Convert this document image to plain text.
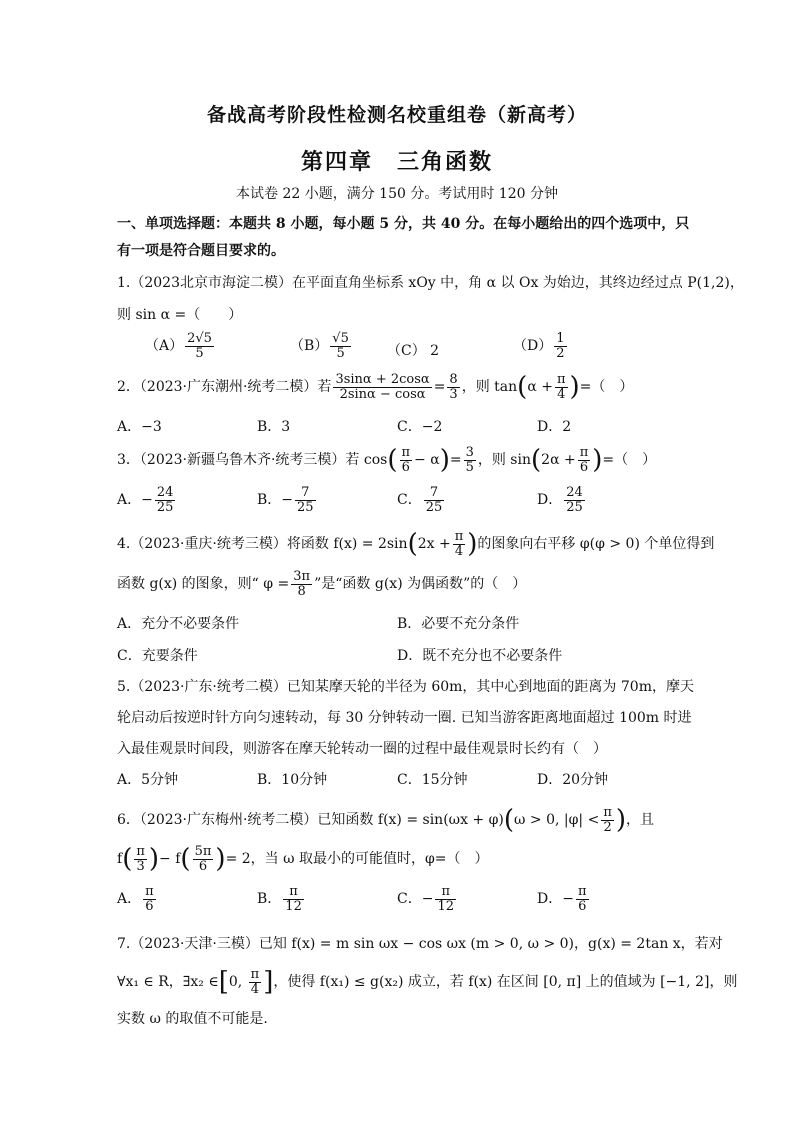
备战高考阶段性检测名校重组卷（新高考）
第四章　三角函数
本试卷 22 小题，满分 150 分。考试用时 120 分钟
一、单项选择题：本题共 8 小题，每小题 5 分，共 40 分。在每小题给出的四个选项中，只
有一项是符合题目要求的。
1.（2023北京市海淀二模）在平面直角坐标系 xOy 中，角 α 以 Ox 为始边，其终边经过点 P(1,2)，
则 sin α =（　　）
$(A) \frac{2√5}{5}$	$(B) \frac{√5}{5}$	（C） 2	$(D) \frac{1}{2}$
2．（2023·广东潮州·统考二模）若 $\frac{3\sin\alpha + 2\cos\alpha}{2\sin\alpha - \cos\alpha} = \frac{8}{3}$ ，则 $\tan(\alpha + \frac{\pi}{4}$ )=（　）
A．−3	B．3	C．−2	D．2
3．（2023·新疆乌鲁木齐·统考三模）若 $\cos( \frac{\pi}{6} - \alpha)= \frac{3}{5}$ ，则 $\sin(2\alpha + \frac{\pi}{6}$ )=（　）
A．− $\frac{24}{25}$	B．− $\frac{7}{25}$	C． $\frac{7}{25}$	D． $\frac{24}{25}$
4.（2023·重庆·统考三模）将函数 $f(x) = 2\sin(2x + \frac{\pi}{4}$ )的图象向右平移 φ(φ > 0) 个单位得到
函数 g(x) 的图象，则“ $\varphi = \frac{3\pi}{8}$ ”是“函数 g(x) 为偶函数”的（　）
A．充分不必要条件	B．必要不充分条件
C．充要条件	D．既不充分也不必要条件
5.（2023·广东·统考二模）已知某摩天轮的半径为 60m，其中心到地面的距离为 70m，摩天
轮启动后按逆时针方向匀速转动，每 30 分钟转动一圈. 已知当游客距离地面超过 100m 时进
入最佳观景时间段，则游客在摩天轮转动一圈的过程中最佳观景时长约有（　）
A．5分钟	B．10分钟	C．15分钟	D．20分钟
6．（2023·广东梅州·统考二模）已知函数 f(x) = sin(ωx + φ)(ω > 0, $|\varphi| < \frac{\pi}{2}$ )，且
$f( \frac{\pi}{3}$ )− $f( \frac{5\pi}{6}$ )= 2，当 ω 取最小的可能值时，φ=（　）
A． $\frac{\pi}{6}$	B． $\frac{\pi}{12}$	C．− $\frac{\pi}{12}$	D．− $\frac{\pi}{6}$
7.（2023·天津·三模）已知 f(x) = m sin ωx − cos ωx (m > 0, ω > 0)，g(x) = 2tan x，若对
∀x₁ ∈ R，∃x₂ ∈[0, $\frac{\pi}{4}$ ]，使得 f(x₁) ≤ g(x₂) 成立，若 f(x) 在区间 [0, π] 上的值域为 [−1, 2]，则
实数 ω 的取值不可能是.
